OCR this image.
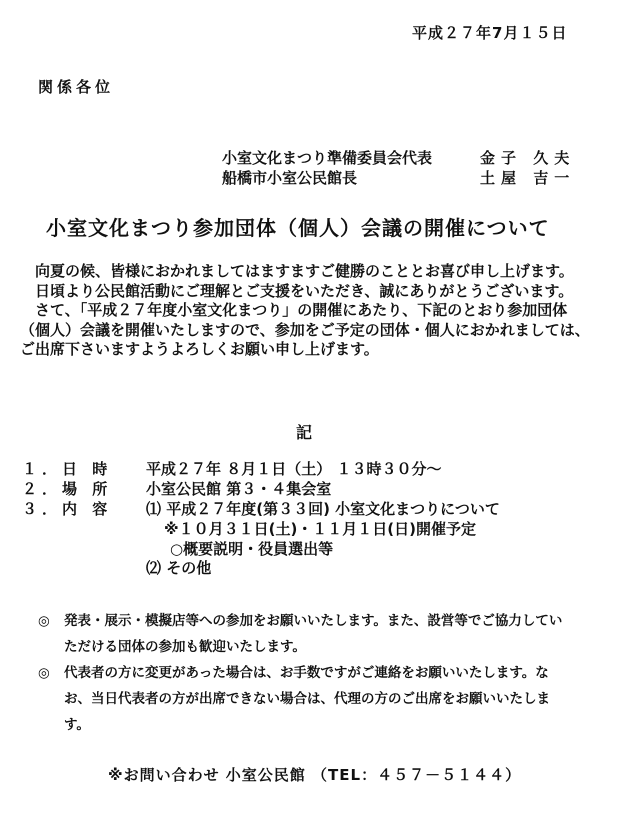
平成２７年7月１５日
関係各位
小室文化まつり準備委員会代表	金子 久夫
船橋市小室公民館長	土屋 吉一
小室文化まつり参加団体（個人）会議の開催について

向夏の候、皆様におかれましてはますますご健勝のこととお喜び申し上げます。

日頃より公民館活動にご理解とご支援をいただき、誠にありがとうございます。

さて、「平成２７年度小室文化まつり」の開催にあたり、下記のとおり参加団体（個人）会議を開催いたしますので、参加をご予定の団体・個人におかれましては、ご出席下さいますようよろしくお願い申し上げます。

記
１．日 時 平成２７年 ８月１日（土） １３時３０分～
２．場 所 小室公民館 第３・４集会室
３．内 容 ⑴ 平成２７年度(第３３回) 小室文化まつりについて
※１０月３１日(土)・１１月１日(日)開催予定
○概要説明・役員選出等
⑵ その他
◎ 発表・展示・模擬店等への参加をお願いいたします。また、設営等でご協力していただける団体の参加も歓迎いたします。
◎ 代表者の方に変更があった場合は、お手数ですがご連絡をお願いいたします。なお、当日代表者の方が出席できない場合は、代理の方のご出席をお願いいたします。
※お問い合わせ 小室公民館 （TEL：４５７－５１４４）
